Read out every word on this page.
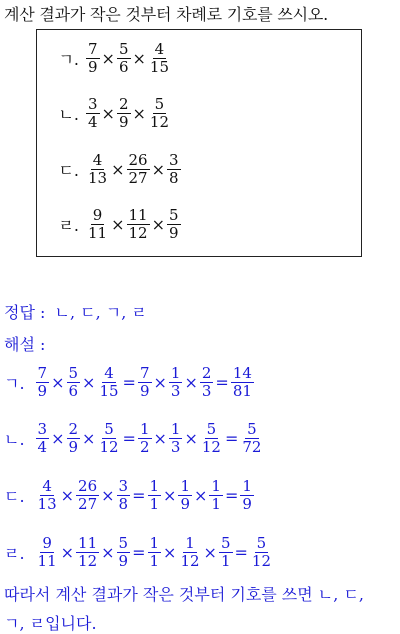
계산 결과가 작은 것부터 차례로 기호를 쓰시오.
ㄱ. $\frac{7}{9} \times \frac{5}{6} \times \frac{4}{15}$
ㄴ. $\frac{3}{4} \times \frac{2}{9} \times \frac{5}{12}$
ㄷ. $\frac{4}{13} \times \frac{26}{27} \times \frac{3}{8}$
ㄹ. $\frac{9}{11} \times \frac{11}{12} \times \frac{5}{9}$
정답 : ㄴ, ㄷ, ㄱ, ㄹ
해설 :
ㄱ. $\frac{7}{9} \times \frac{5}{6} \times \frac{4}{15} = \frac{7}{9} \times \frac{1}{3} \times \frac{2}{3} = \frac{14}{81}$
ㄴ. $\frac{3}{4} \times \frac{2}{9} \times \frac{5}{12} = \frac{1}{2} \times \frac{1}{3} \times \frac{5}{12} = \frac{5}{72}$
ㄷ. $\frac{4}{13} \times \frac{26}{27} \times \frac{3}{8} = \frac{1}{1} \times \frac{1}{9} \times \frac{1}{1} = \frac{1}{9}$
ㄹ. $\frac{9}{11} \times \frac{11}{12} \times \frac{5}{9} = \frac{1}{1} \times \frac{1}{12} \times \frac{5}{1} = \frac{5}{12}$
따라서 계산 결과가 작은 것부터 기호를 쓰면 ㄴ, ㄷ,
ㄱ, ㄹ입니다.
